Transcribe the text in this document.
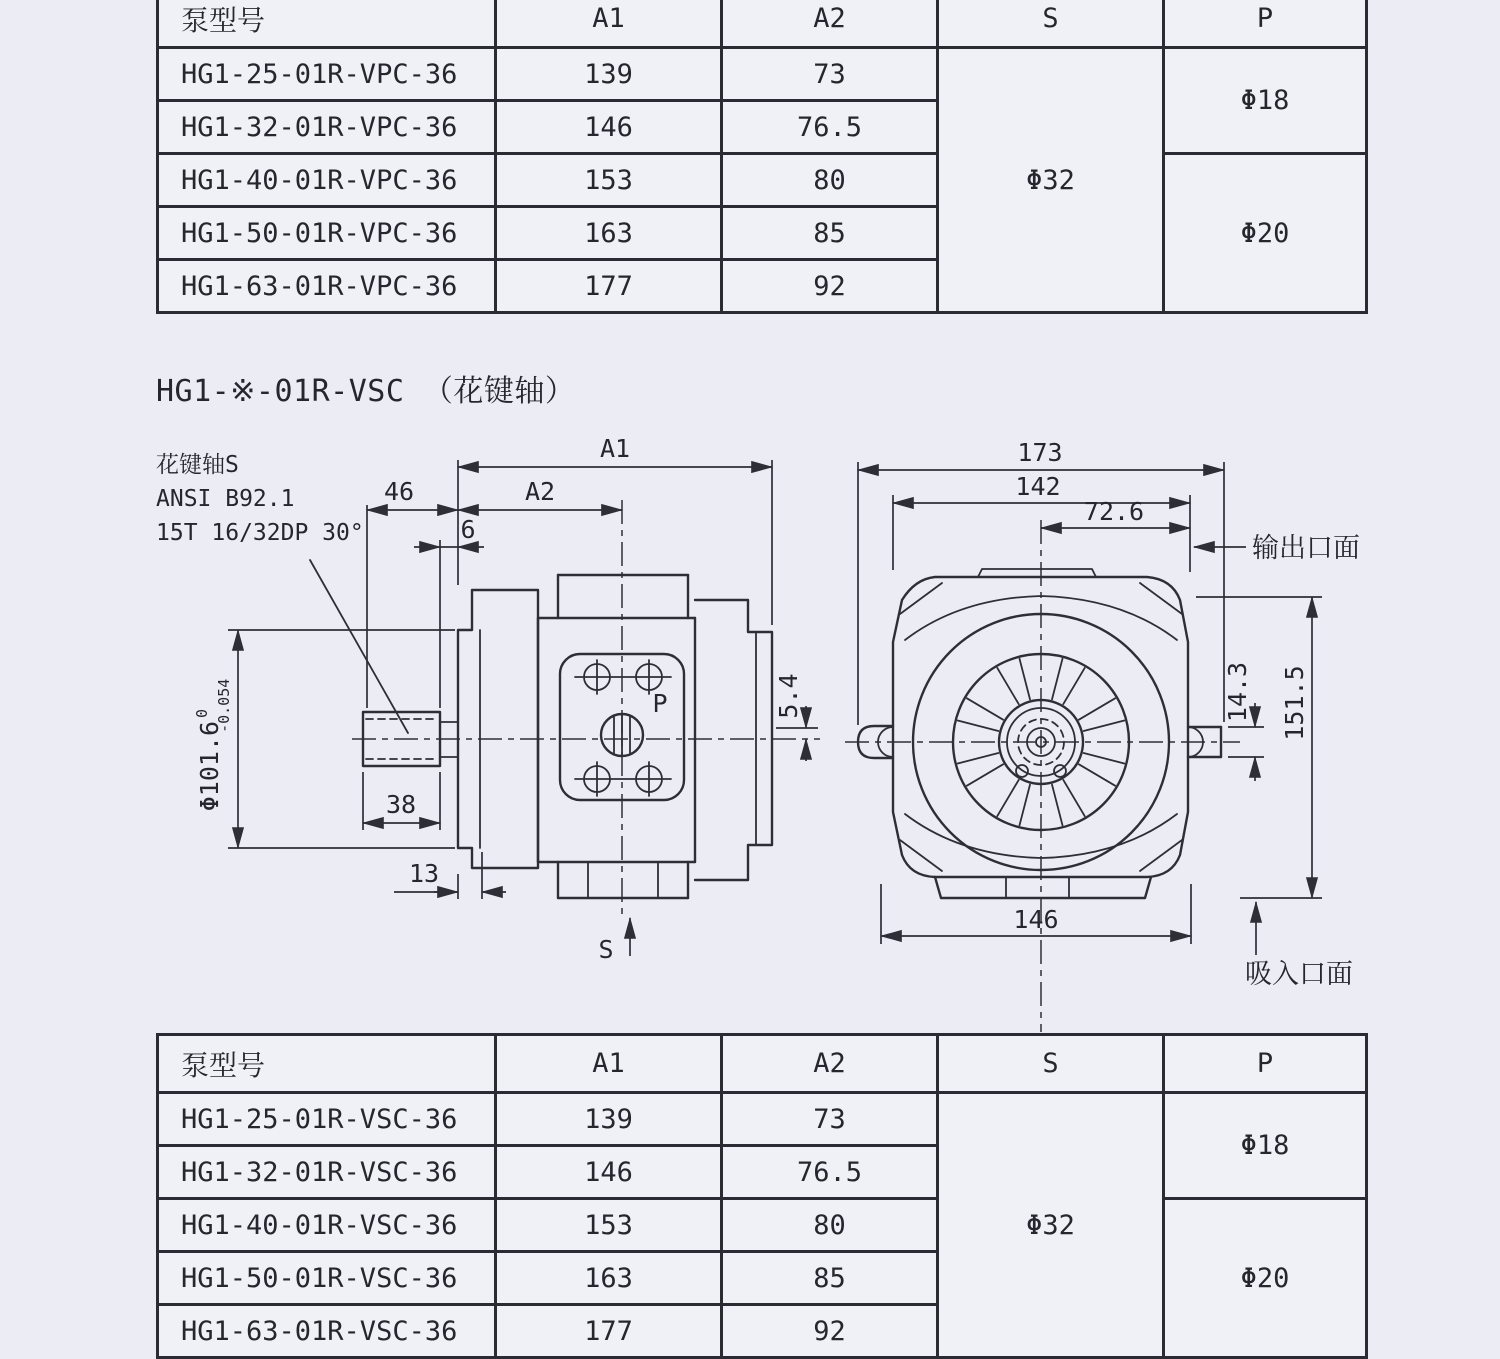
泵型号	A1	A2	S	P
HG1-25-01R-VPC-36	139	73	Φ32	Φ18
HG1-32-01R-VPC-36	146	76.5		
HG1-40-01R-VPC-36	153	80		Φ20
HG1-50-01R-VPC-36	163	85		
HG1-63-01R-VPC-36	177	92		
HG1-※-01R-VSC （花键轴）
花键轴S
ANSI B92.1
15T 16/32DP 30°
A1
A2
46
6
38
13
5.4
Φ101.6$^0$ -0.054	P
S
173
142
72.6
146
14.3 151.5
输出口面
吸入口面
泵型号	A1	A2	S	P
HG1-25-01R-VSC-36	139	73	Φ32	Φ18
HG1-32-01R-VSC-36	146	76.5		
HG1-40-01R-VSC-36	153	80		Φ20
HG1-50-01R-VSC-36	163	85		
HG1-63-01R-VSC-36	177	92		
